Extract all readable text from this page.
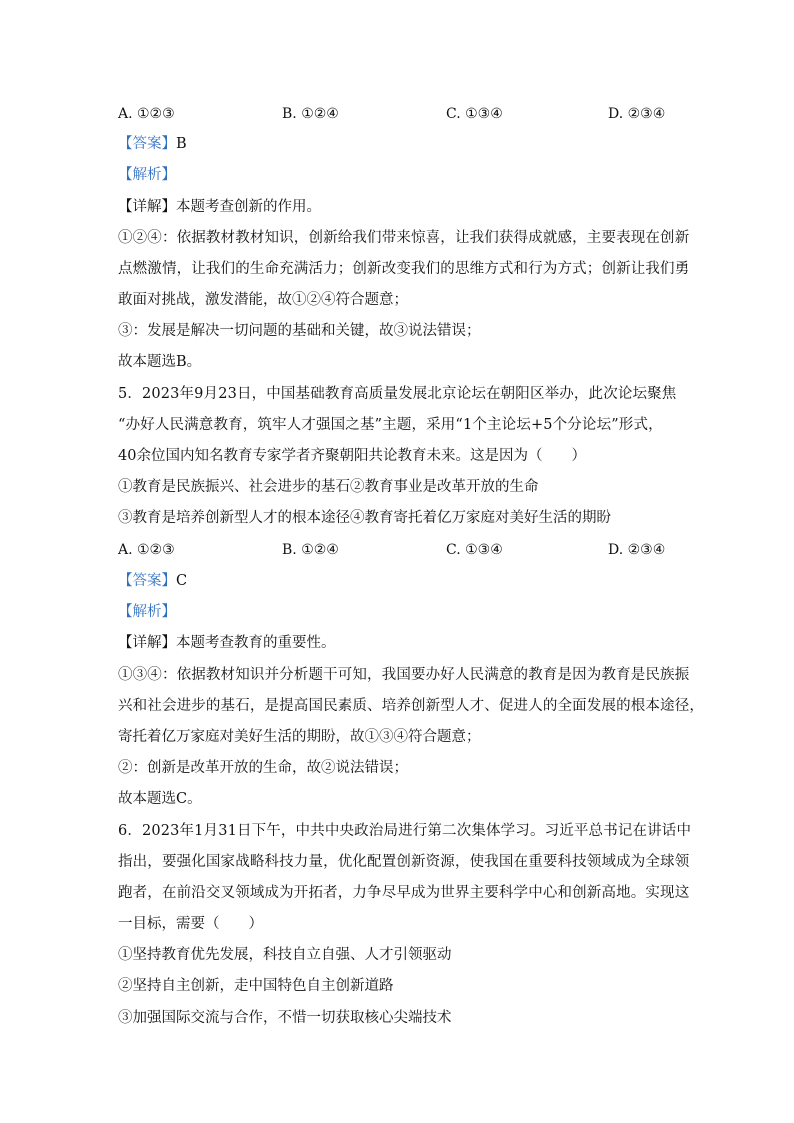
A. ①②③	B. ①②④	C. ①③④	D. ②③④
【答案】B
【解析】
【详解】本题考查创新的作用。
①②④：依据教材教材知识，创新给我们带来惊喜，让我们获得成就感，主要表现在创新
点燃激情，让我们的生命充满活力；创新改变我们的思维方式和行为方式；创新让我们勇
敢面对挑战，激发潜能，故①②④符合题意；
③：发展是解决一切问题的基础和关键，故③说法错误；
故本题选B。
5．2023年9月23日，中国基础教育高质量发展北京论坛在朝阳区举办，此次论坛聚焦
“办好人民满意教育，筑牢人才强国之基”主题，采用“1个主论坛+5个分论坛”形式，
40余位国内知名教育专家学者齐聚朝阳共论教育未来。这是因为（　　）
①教育是民族振兴、社会进步的基石②教育事业是改革开放的生命
③教育是培养创新型人才的根本途径④教育寄托着亿万家庭对美好生活的期盼
A. ①②③	B. ①②④	C. ①③④	D. ②③④
【答案】C
【解析】
【详解】本题考查教育的重要性。
①③④：依据教材知识并分析题干可知，我国要办好人民满意的教育是因为教育是民族振
兴和社会进步的基石，是提高国民素质、培养创新型人才、促进人的全面发展的根本途径，
寄托着亿万家庭对美好生活的期盼，故①③④符合题意；
②：创新是改革开放的生命，故②说法错误；
故本题选C。
6．2023年1月31日下午，中共中央政治局进行第二次集体学习。习近平总书记在讲话中
指出，要强化国家战略科技力量，优化配置创新资源，使我国在重要科技领域成为全球领
跑者，在前沿交叉领域成为开拓者，力争尽早成为世界主要科学中心和创新高地。实现这
一目标，需要（　　）
①坚持教育优先发展，科技自立自强、人才引领驱动
②坚持自主创新，走中国特色自主创新道路
③加强国际交流与合作，不惜一切获取核心尖端技术
